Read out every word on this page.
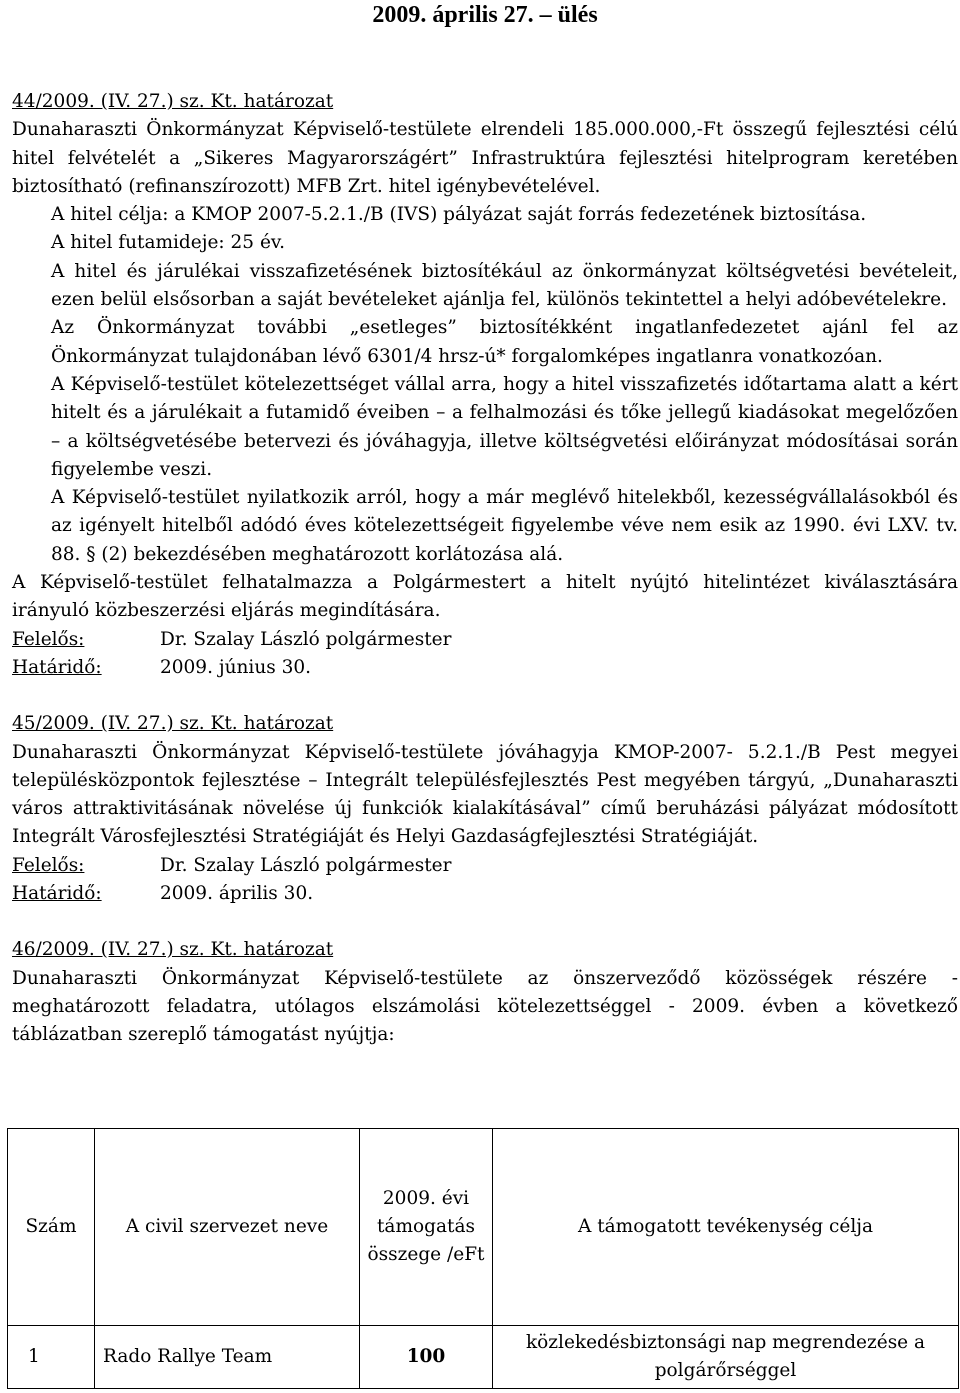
2009. április 27. – ülés

44/2009. (IV. 27.) sz. Kt. határozat

Dunaharaszti Önkormányzat Képviselő-testülete elrendeli 185.000.000,-Ft összegű fejlesztési célú hitel felvételét a „Sikeres Magyarországért” Infrastruktúra fejlesztési hitelprogram keretében biztosítható (refinanszírozott) MFB Zrt. hitel igénybevételével.

A hitel célja: a KMOP 2007-5.2.1./B (IVS) pályázat saját forrás fedezetének biztosítása.

A hitel futamideje: 25 év.

A hitel és járulékai visszafizetésének biztosítékául az önkormányzat költségvetési bevételeit, ezen belül elsősorban a saját bevételeket ajánlja fel, különös tekintettel a helyi adóbevételekre.

Az Önkormányzat további „esetleges” biztosítékként ingatlanfedezetet ajánl fel az Önkormányzat tulajdonában lévő 6301/4 hrsz-ú* forgalomképes ingatlanra vonatkozóan.

A Képviselő-testület kötelezettséget vállal arra, hogy a hitel visszafizetés időtartama alatt a kért hitelt és a járulékait a futamidő éveiben – a felhalmozási és tőke jellegű kiadásokat megelőzően – a költségvetésébe betervezi és jóváhagyja, illetve költségvetési előirányzat módosításai során figyelembe veszi.

A Képviselő-testület nyilatkozik arról, hogy a már meglévő hitelekből, kezességvállalásokból és az igényelt hitelből adódó éves kötelezettségeit figyelembe véve nem esik az 1990. évi LXV. tv. 88. § (2) bekezdésében meghatározott korlátozása alá.

A Képviselő-testület felhatalmazza a Polgármestert a hitelt nyújtó hitelintézet kiválasztására irányuló közbeszerzési eljárás megindítására.

Felelős:	Dr. Szalay László polgármester

Határidő:	2009. június 30.

45/2009. (IV. 27.) sz. Kt. határozat

Dunaharaszti Önkormányzat Képviselő-testülete jóváhagyja KMOP-2007- 5.2.1./B Pest megyei településközpontok fejlesztése – Integrált településfejlesztés Pest megyében tárgyú, „Dunaharaszti város attraktivitásának növelése új funkciók kialakításával” című beruházási pályázat módosított Integrált Városfejlesztési Stratégiáját és Helyi Gazdaságfejlesztési Stratégiáját.

Felelős:	Dr. Szalay László polgármester

Határidő:	2009. április 30.

46/2009. (IV. 27.) sz. Kt. határozat

Dunaharaszti Önkormányzat Képviselő-testülete az önszerveződő közösségek részére - meghatározott feladatra, utólagos elszámolási kötelezettséggel - 2009. évben a következő táblázatban szereplő támogatást nyújtja:

Szám	A civil szervezet neve	2009. évi támogatás összege /eFt	A támogatott tevékenység célja
1	Rado Rallye Team	100	közlekedésbiztonsági nap megrendezése a polgárőrséggel
